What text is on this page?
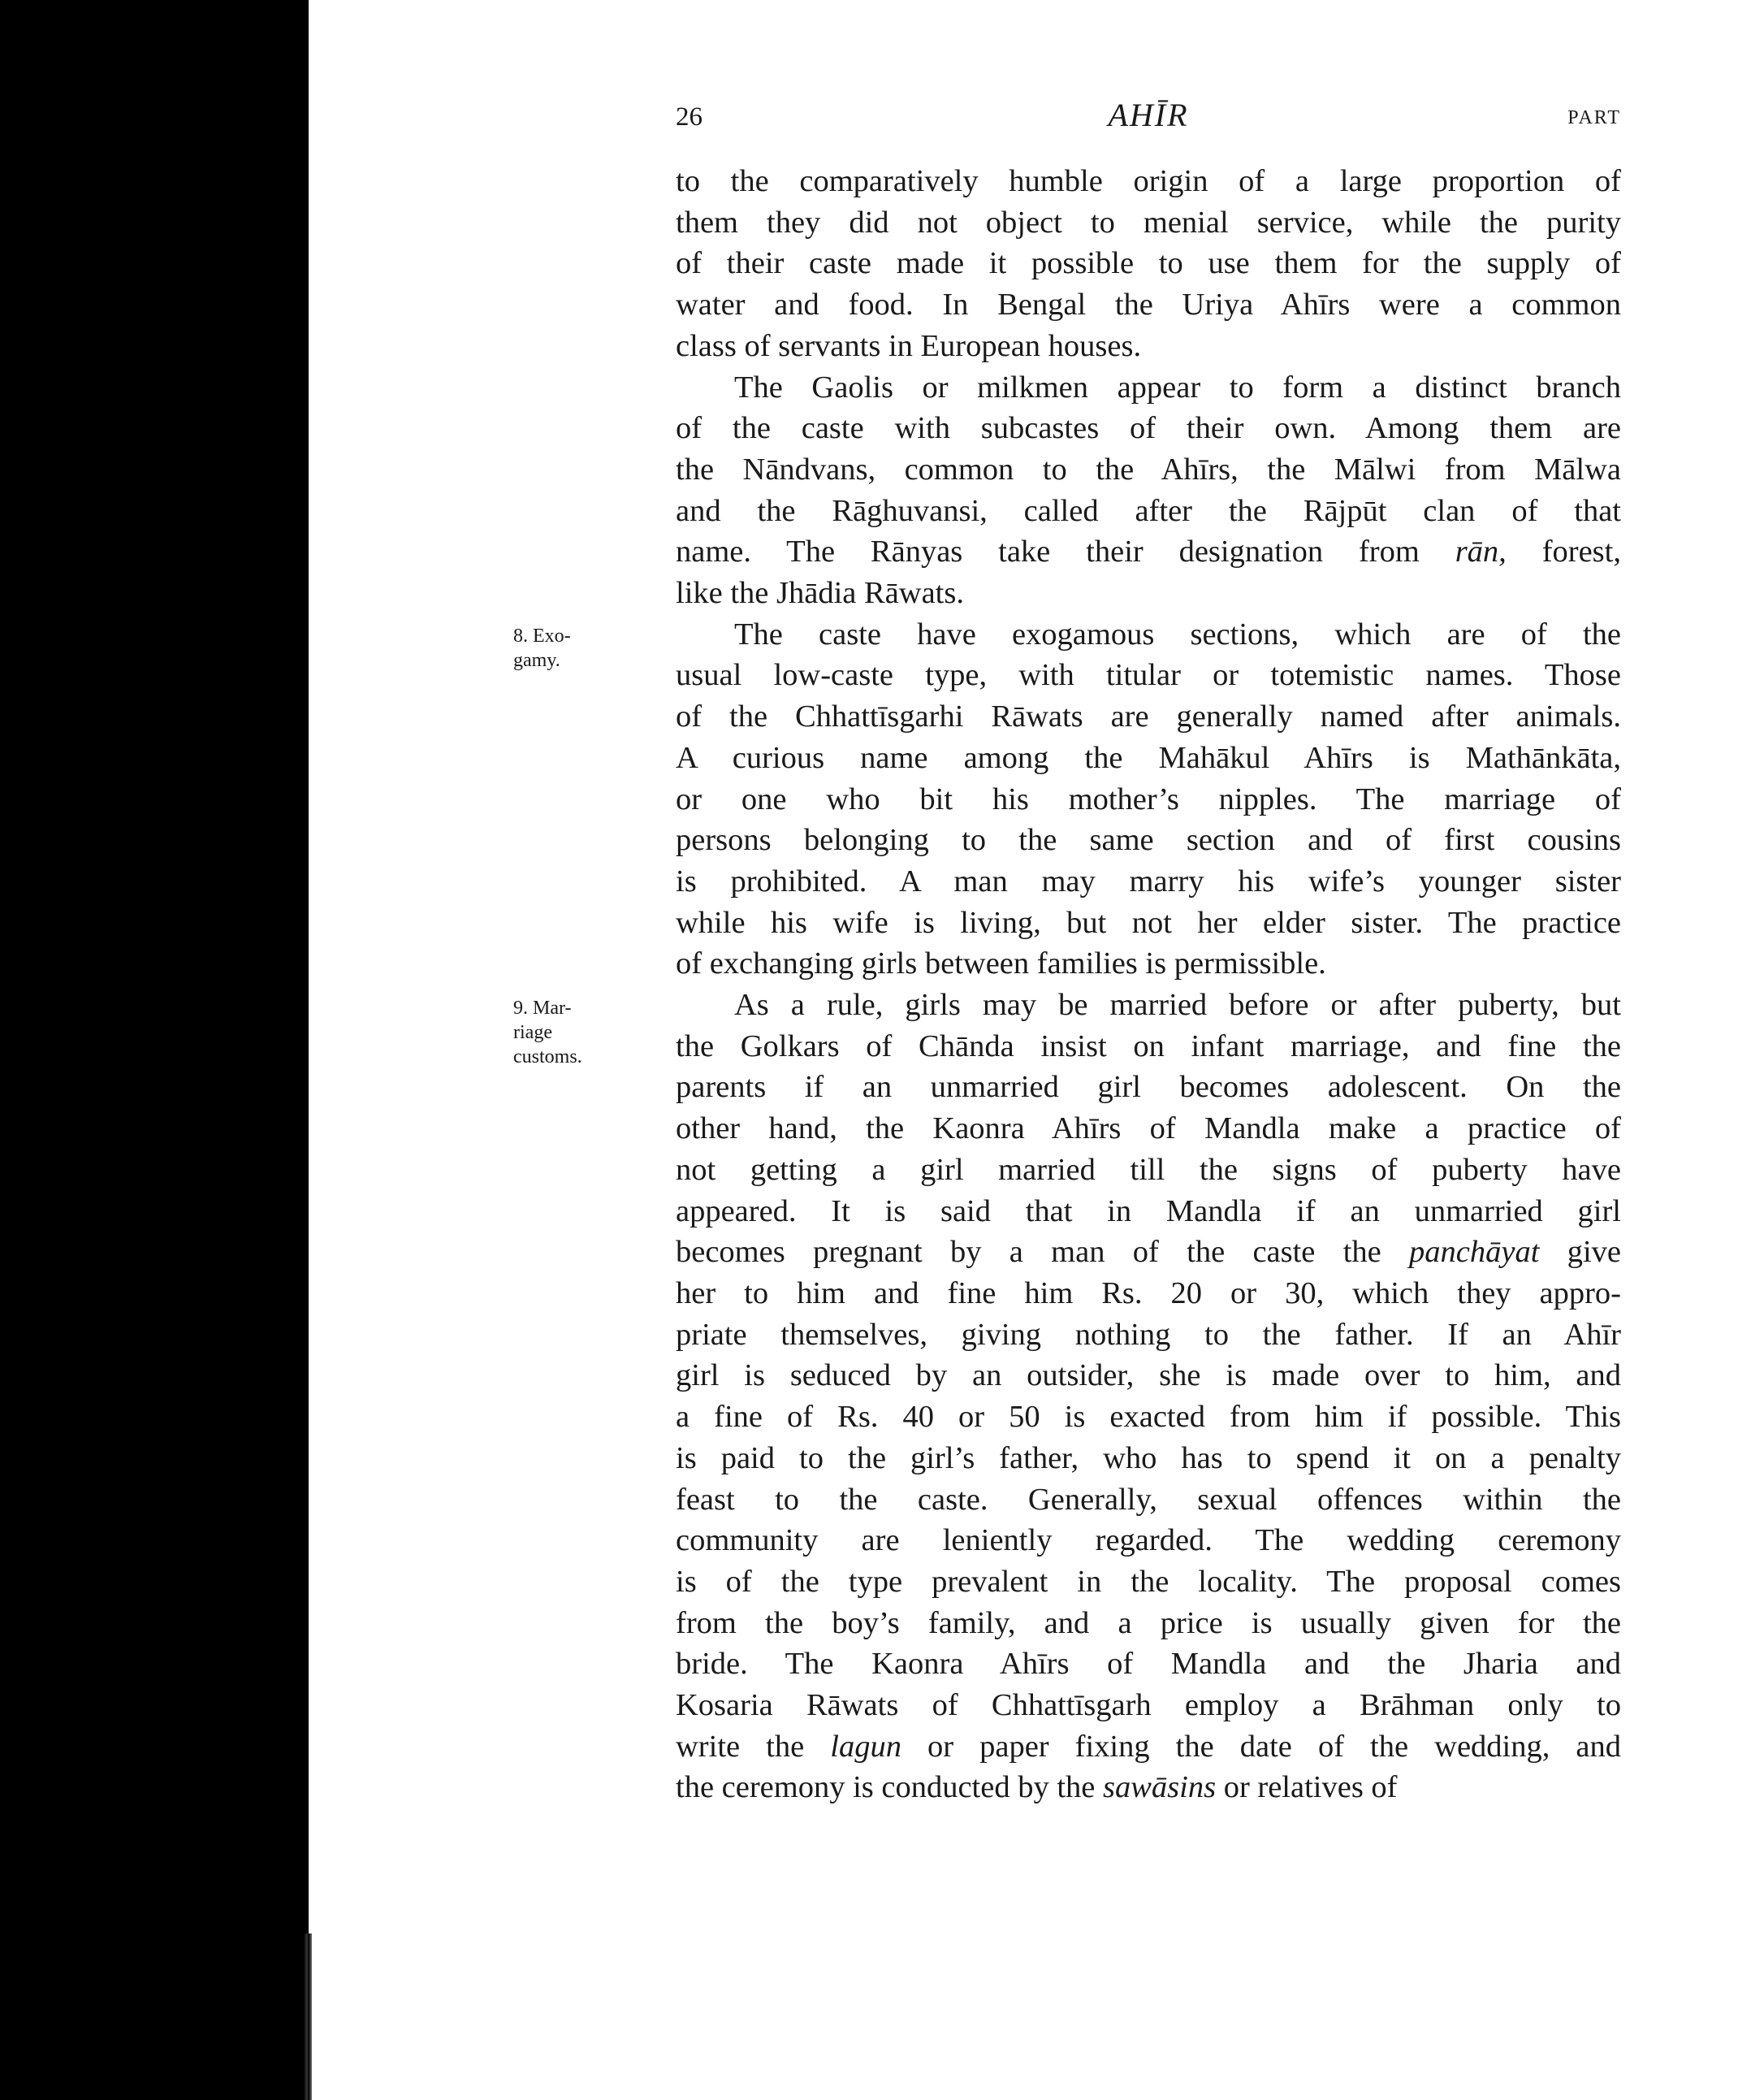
26	AHĪR	PART
8. Exo-
gamy.
9. Mar-
riage
customs.
to the comparatively humble origin of a large proportion of
them they did not object to menial service, while the purity
of their caste made it possible to use them for the supply of
water and food. In Bengal the Uriya Ahīrs were a common
class of servants in European houses.
The Gaolis or milkmen appear to form a distinct branch
of the caste with subcastes of their own. Among them are
the Nāndvans, common to the Ahīrs, the Mālwi from Mālwa
and the Rāghuvansi, called after the Rājpūt clan of that
name. The Rānyas take their designation from rān, forest,
like the Jhādia Rāwats.
The caste have exogamous sections, which are of the
usual low-caste type, with titular or totemistic names. Those
of the Chhattīsgarhi Rāwats are generally named after animals.
A curious name among the Mahākul Ahīrs is Mathānkāta,
or one who bit his mother’s nipples. The marriage of
persons belonging to the same section and of first cousins
is prohibited. A man may marry his wife’s younger sister
while his wife is living, but not her elder sister. The practice
of exchanging girls between families is permissible.
As a rule, girls may be married before or after puberty, but
the Golkars of Chānda insist on infant marriage, and fine the
parents if an unmarried girl becomes adolescent. On the
other hand, the Kaonra Ahīrs of Mandla make a practice of
not getting a girl married till the signs of puberty have
appeared. It is said that in Mandla if an unmarried girl
becomes pregnant by a man of the caste the panchāyat give
her to him and fine him Rs. 20 or 30, which they appro-
priate themselves, giving nothing to the father. If an Ahīr
girl is seduced by an outsider, she is made over to him, and
a fine of Rs. 40 or 50 is exacted from him if possible. This
is paid to the girl’s father, who has to spend it on a penalty
feast to the caste. Generally, sexual offences within the
community are leniently regarded. The wedding ceremony
is of the type prevalent in the locality. The proposal comes
from the boy’s family, and a price is usually given for the
bride. The Kaonra Ahīrs of Mandla and the Jharia and
Kosaria Rāwats of Chhattīsgarh employ a Brāhman only to
write the lagun or paper fixing the date of the wedding, and
the ceremony is conducted by the sawāsins or relatives of
